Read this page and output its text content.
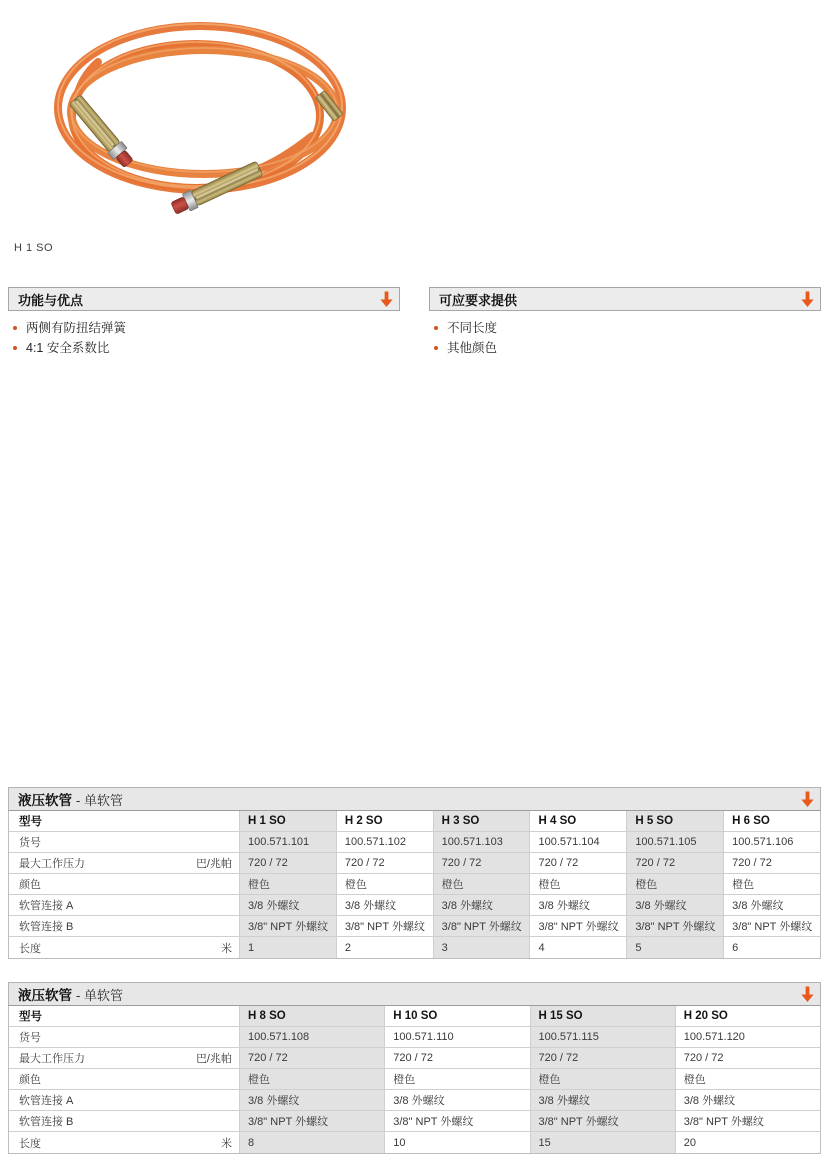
H 1 SO
功能与优点
两侧有防扭结弹簧
4:1 安全系数比
可应要求提供
不同长度
其他颜色
液压软管 - 单软管
型号	H 1 SO	H 2 SO	H 3 SO	H 4 SO	H 5 SO	H 6 SO
货号	100.571.101	100.571.102	100.571.103	100.571.104	100.571.105	100.571.106
最大工作压力	巴/兆帕	720 / 72	720 / 72	720 / 72	720 / 72	720 / 72	720 / 72
颜色	橙色	橙色	橙色	橙色	橙色	橙色
软管连接 A	3/8 外螺纹	3/8 外螺纹	3/8 外螺纹	3/8 外螺纹	3/8 外螺纹	3/8 外螺纹
软管连接 B	3/8" NPT 外螺纹	3/8" NPT 外螺纹	3/8" NPT 外螺纹	3/8" NPT 外螺纹	3/8" NPT 外螺纹	3/8" NPT 外螺纹
长度	米	1	2	3	4	5	6
液压软管 - 单软管
型号	H 8 SO	H 10 SO	H 15 SO	H 20 SO
货号	100.571.108	100.571.110	100.571.115	100.571.120
最大工作压力	巴/兆帕	720 / 72	720 / 72	720 / 72	720 / 72
颜色	橙色	橙色	橙色	橙色
软管连接 A	3/8 外螺纹	3/8 外螺纹	3/8 外螺纹	3/8 外螺纹
软管连接 B	3/8" NPT 外螺纹	3/8" NPT 外螺纹	3/8" NPT 外螺纹	3/8" NPT 外螺纹
长度	米	8	10	15	20
